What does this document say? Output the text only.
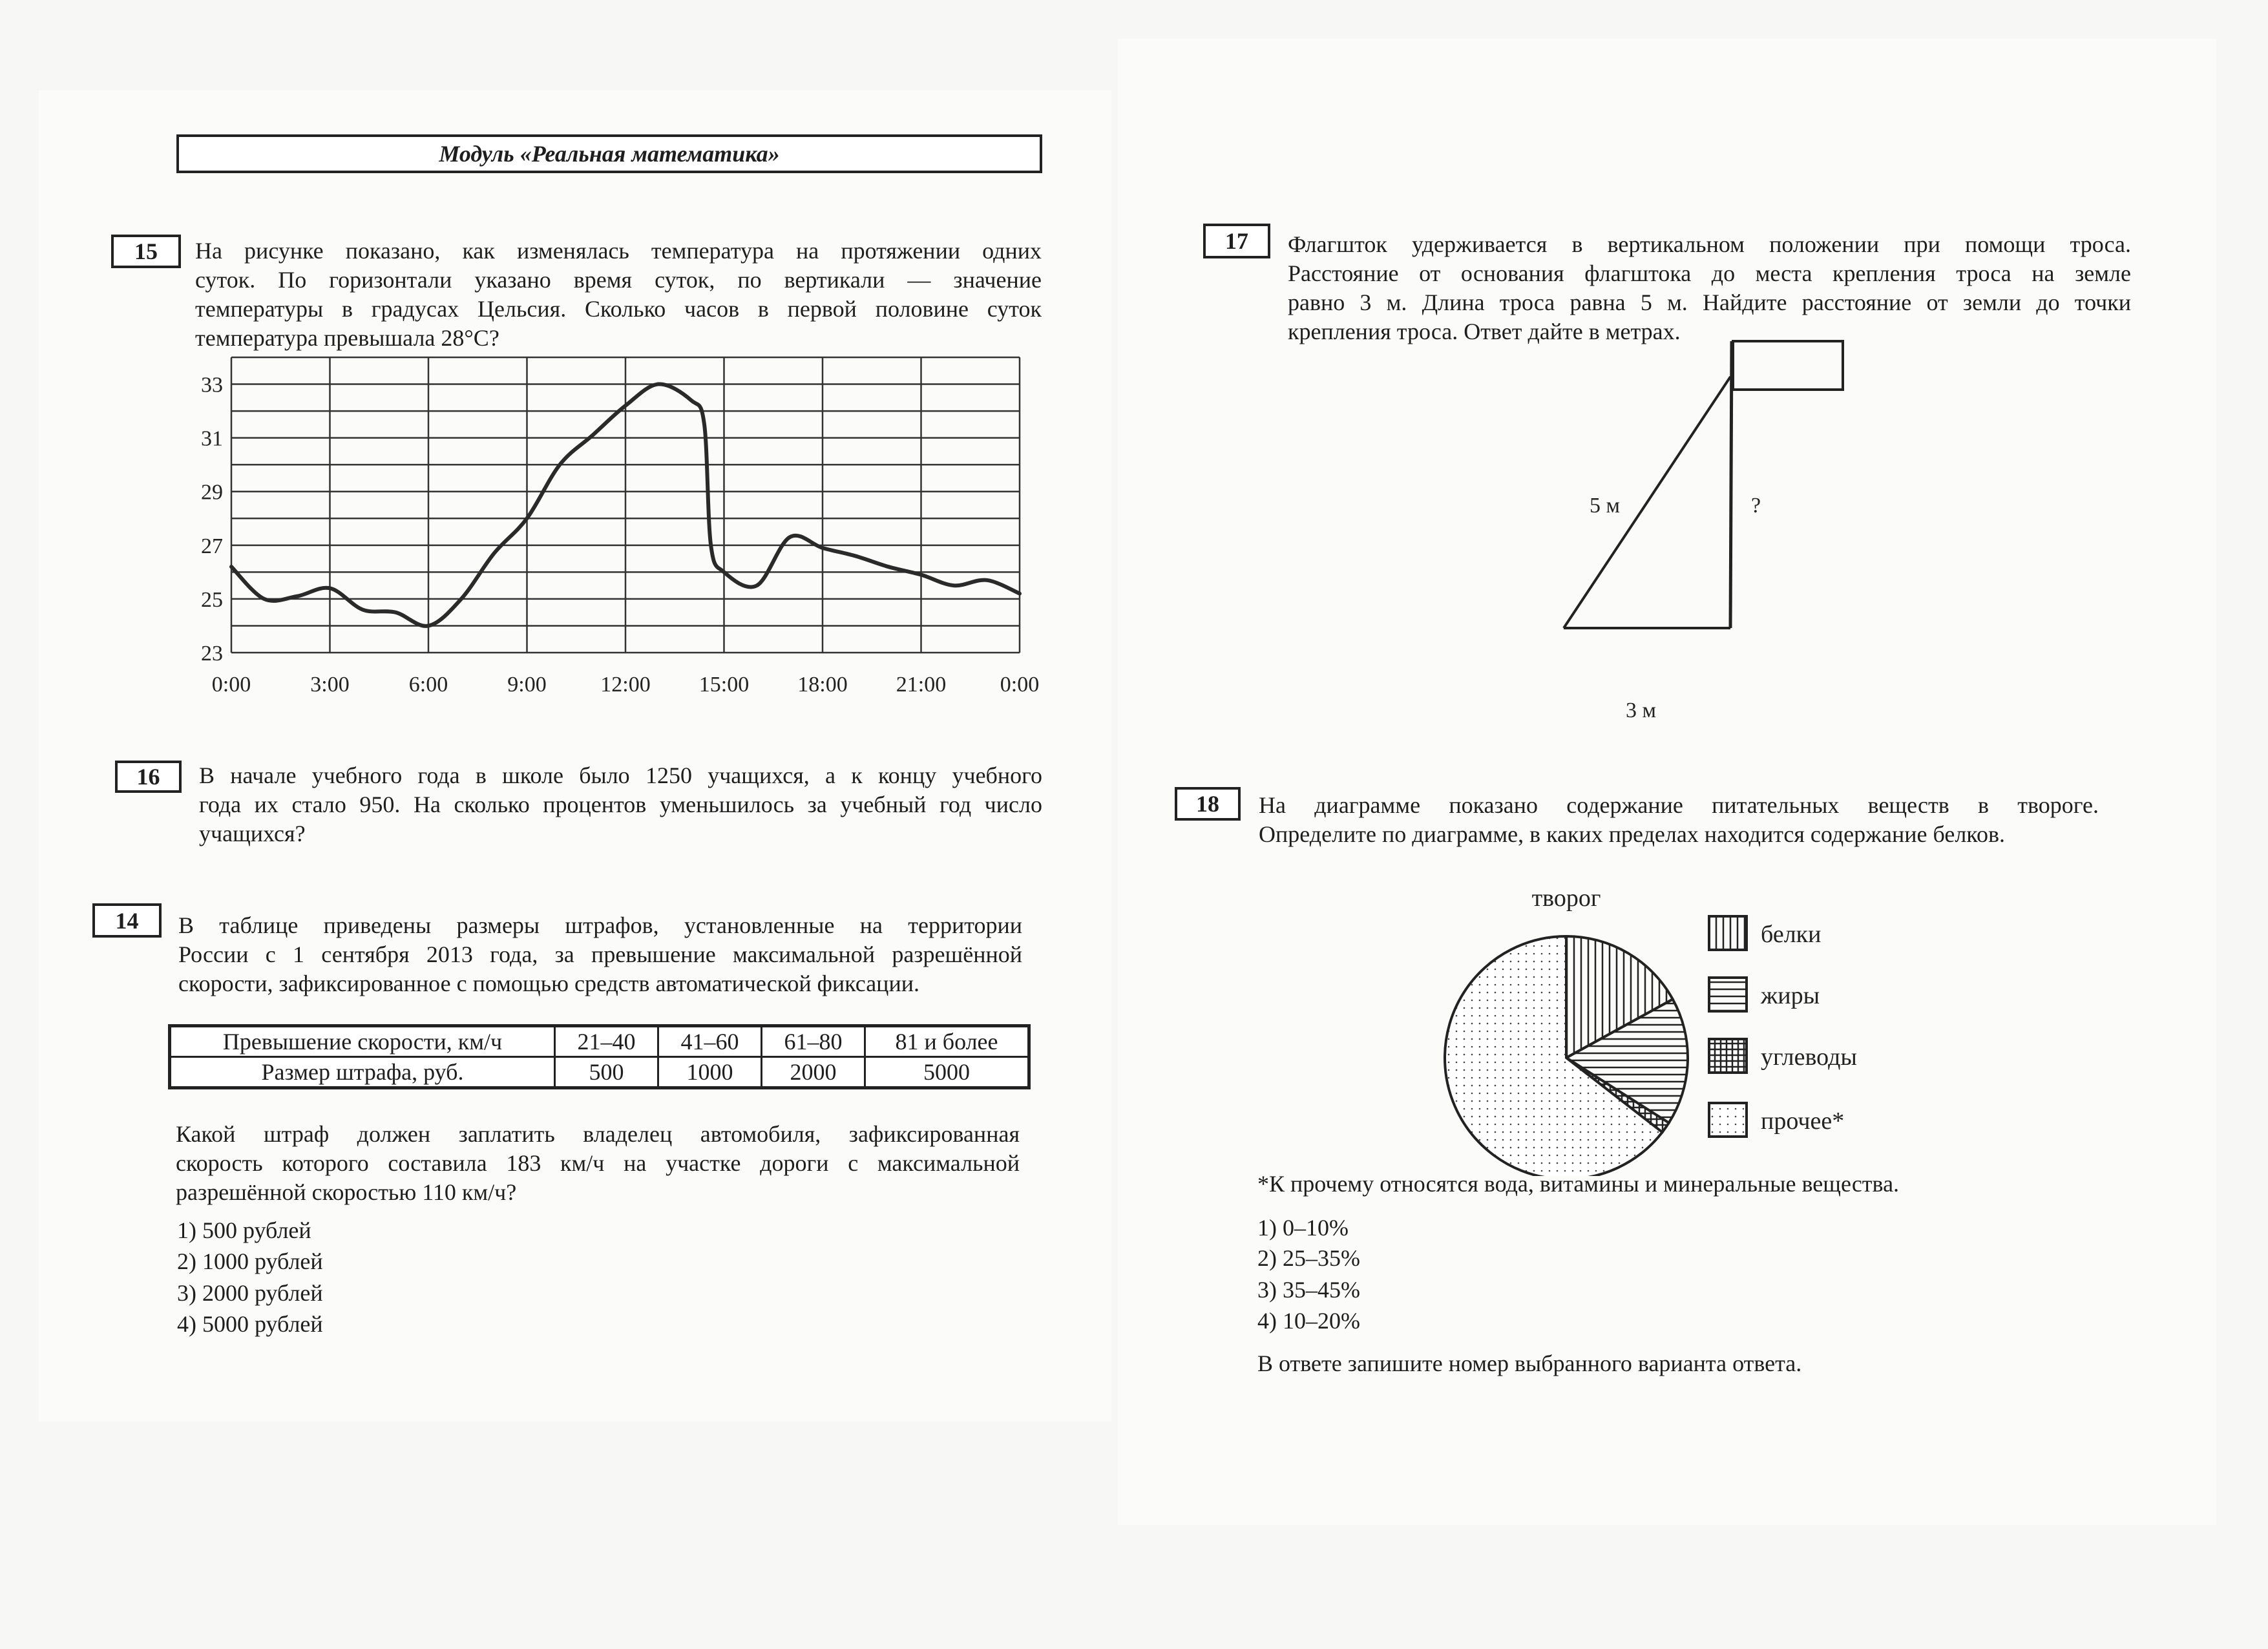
Модуль «Реальная математика»
15	На рисунке показано, как изменялась температура на протяжении одних
суток. По горизонтали указано время суток, по вертикали — значение
температуры в градусах Цельсия. Сколько часов в первой половине суток
температура превышала 28°С?
23
25
27
29
31
33
0:00	3:00	6:00	9:00 12:00 15:00 18:00 21:00 0:00
16	В начале учебного года в школе было 1250 учащихся, а к концу учебного
года их стало 950. На сколько процентов уменьшилось за учебный год число
учащихся?
14	В таблице приведены размеры штрафов, установленные на территории
России с 1 сентября 2013 года, за превышение максимальной разрешённой
скорости, зафиксированное с помощью средств автоматической фиксации.
Превышение скорости, км/ч	21–40	41–60	61–80	81 и более
Размер штрафа, руб.	500	1000	2000	5000
Какой штраф должен заплатить владелец автомобиля, зафиксированная
скорость которого составила 183 км/ч на участке дороги с максимальной
разрешённой скоростью 110 км/ч?
1) 500 рублей
2) 1000 рублей
3) 2000 рублей
4) 5000 рублей
17	Флагшток удерживается в вертикальном положении при помощи троса.
Расстояние от основания флагштока до места крепления троса на земле
равно 3 м. Длина троса равна 5 м. Найдите расстояние от земли до точки
крепления троса. Ответ дайте в метрах.
5 м	?
3 м
18	На диаграмме показано содержание питательных веществ в твороге.
Определите по диаграмме, в каких пределах находится содержание белков.
творог
белки
жиры
углеводы
прочее*
*К прочему относятся вода, витамины и минеральные вещества.
1) 0–10%
2) 25–35%
3) 35–45%
4) 10–20%
В ответе запишите номер выбранного варианта ответа.
